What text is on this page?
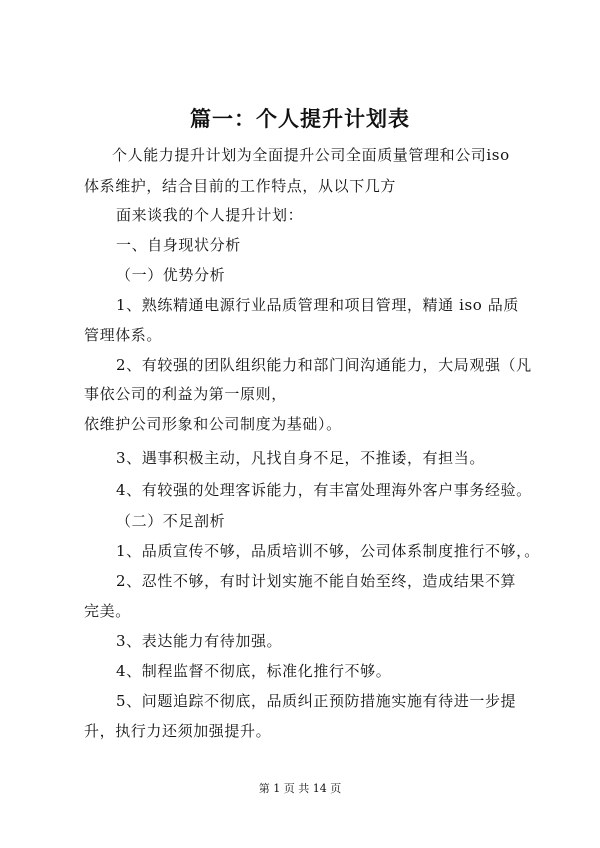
篇一：个人提升计划表
个人能力提升计划为全面提升公司全面质量管理和公司iso
体系维护，结合目前的工作特点，从以下几方
面来谈我的个人提升计划：
一、自身现状分析
（一）优势分析
1、熟练精通电源行业品质管理和项目管理，精通 iso 品质
管理体系。
2、有较强的团队组织能力和部门间沟通能力，大局观强（凡
事依公司的利益为第一原则，
依维护公司形象和公司制度为基础）。
3、遇事积极主动，凡找自身不足，不推诿，有担当。
4、有较强的处理客诉能力，有丰富处理海外客户事务经验。
（二）不足剖析
1、品质宣传不够，品质培训不够，公司体系制度推行不够，。
2、忍性不够，有时计划实施不能自始至终，造成结果不算
完美。
3、表达能力有待加强。
4、制程监督不彻底，标准化推行不够。
5、问题追踪不彻底，品质纠正预防措施实施有待进一步提
升，执行力还须加强提升。
第 1 页 共 14 页
